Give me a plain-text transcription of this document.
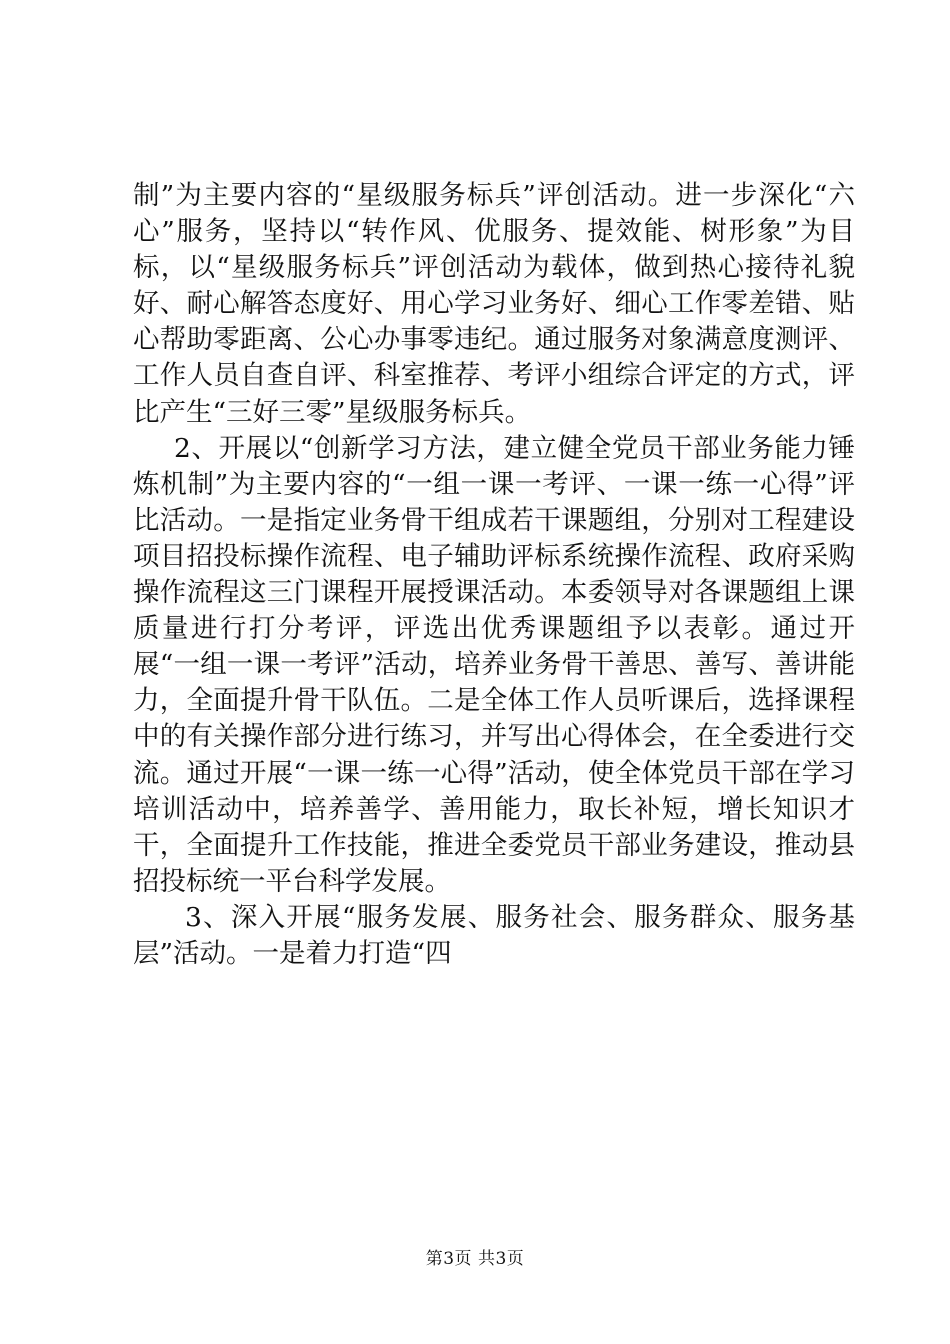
制”为主要内容的“星级服务标兵”评创活动。进一步深化“六心”服务，坚持以“转作风、优服务、提效能、树形象”为目标，以“星级服务标兵”评创活动为载体，做到热心接待礼貌好、耐心解答态度好、用心学习业务好、细心工作零差错、贴心帮助零距离、公心办事零违纪。通过服务对象满意度测评、工作人员自查自评、科室推荐、考评小组综合评定的方式，评比产生“三好三零”星级服务标兵。

2、开展以“创新学习方法，建立健全党员干部业务能力锤炼机制”为主要内容的“一组一课一考评、一课一练一心得”评比活动。一是指定业务骨干组成若干课题组，分别对工程建设项目招投标操作流程、电子辅助评标系统操作流程、政府采购操作流程这三门课程开展授课活动。本委领导对各课题组上课质量进行打分考评，评选出优秀课题组予以表彰。通过开展“一组一课一考评”活动，培养业务骨干善思、善写、善讲能力，全面提升骨干队伍。二是全体工作人员听课后，选择课程中的有关操作部分进行练习，并写出心得体会，在全委进行交流。通过开展“一课一练一心得”活动，使全体党员干部在学习培训活动中，培养善学、善用能力，取长补短，增长知识才干，全面提升工作技能，推进全委党员干部业务建设，推动县招投标统一平台科学发展。

3、深入开展“服务发展、服务社会、服务群众、服务基层”活动。一是着力打造“四

第3页 共3页
